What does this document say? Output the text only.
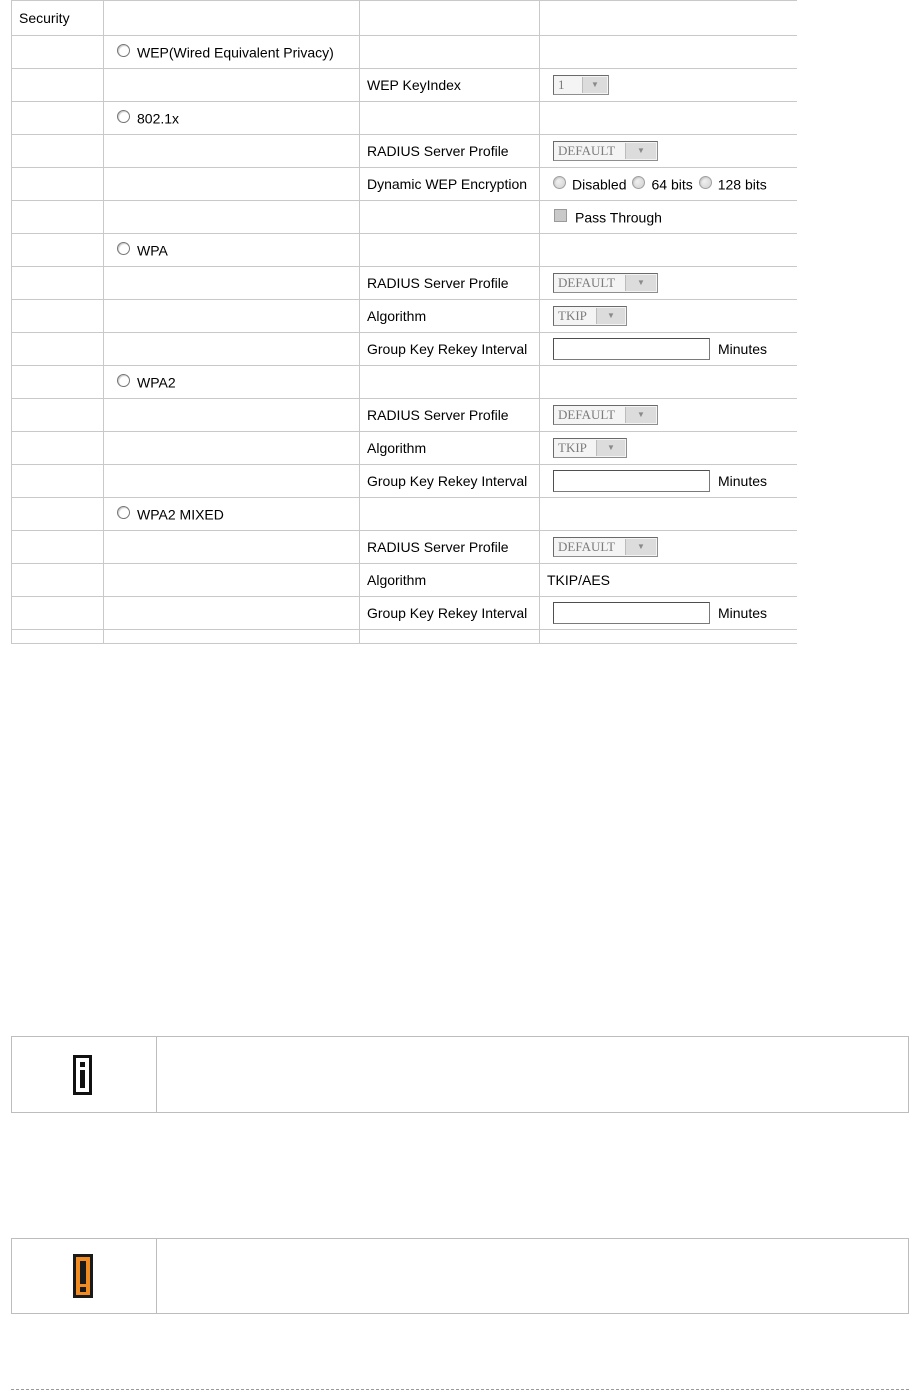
Security			
	WEP(Wired Equivalent Privacy)		
		WEP KeyIndex	1 ▼

	802.1x		
		RADIUS Server Profile	DEFAULT ▼

		Dynamic WEP Encryption	Disabled 64 bits 128 bits
			Pass Through
	WPA		
		RADIUS Server Profile	DEFAULT ▼

		Algorithm	TKIP ▼

		Group Key Rekey Interval	Minutes
	WPA2		
		RADIUS Server Profile	DEFAULT ▼

		Algorithm	TKIP ▼

		Group Key Rekey Interval	Minutes
	WPA2 MIXED		
		RADIUS Server Profile	DEFAULT ▼

		Algorithm	TKIP/AES
		Group Key Rekey Interval	Minutes
